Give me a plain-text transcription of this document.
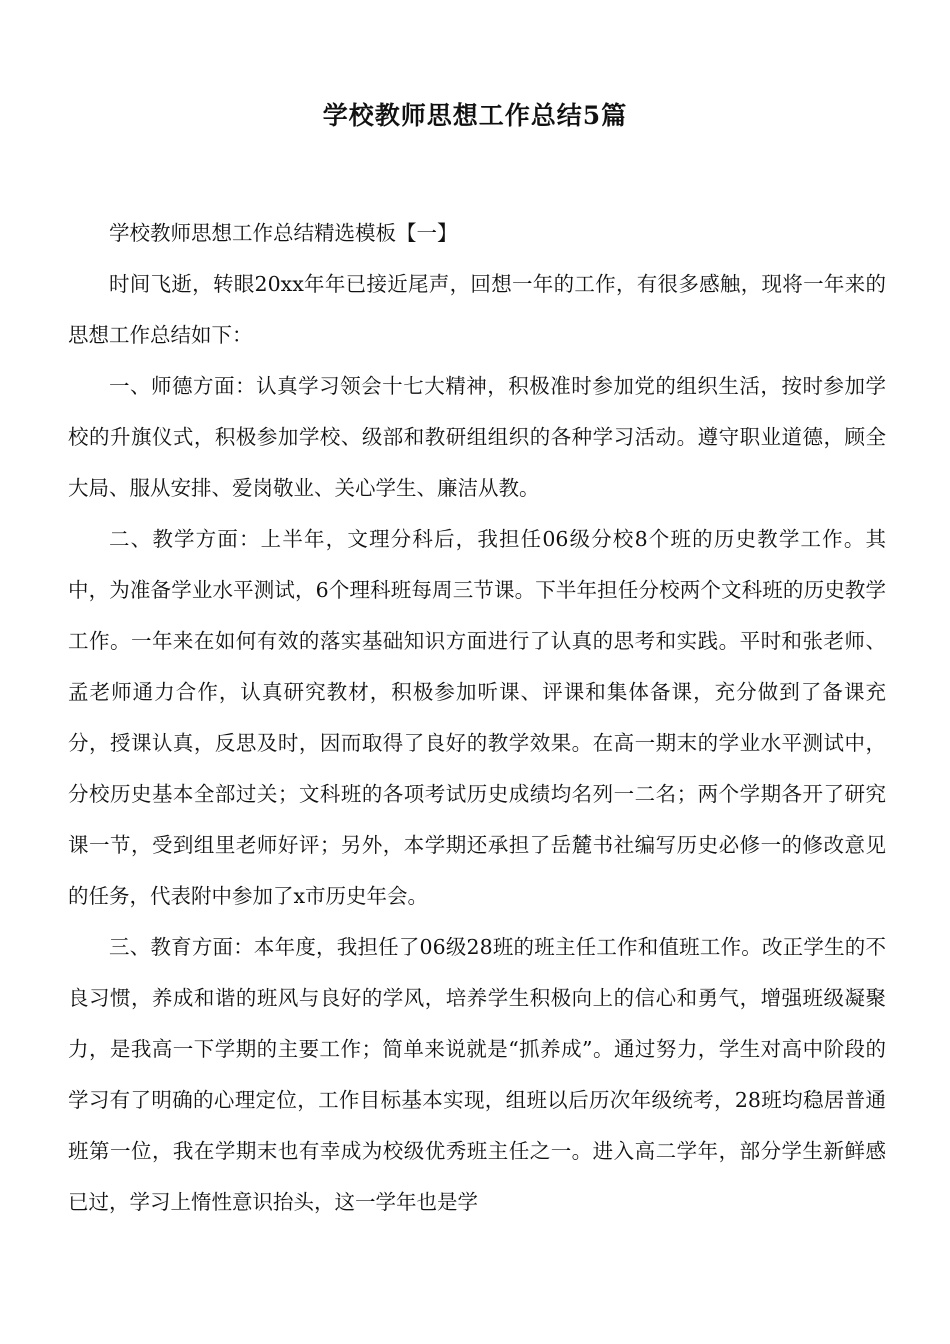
学校教师思想工作总结5篇

学校教师思想工作总结精选模板【一】

时间飞逝，转眼20xx年年已接近尾声，回想一年的工作，有很多感触，现将一年来的思想工作总结如下：

一、师德方面：认真学习领会十七大精神，积极准时参加党的组织生活，按时参加学校的升旗仪式，积极参加学校、级部和教研组组织的各种学习活动。遵守职业道德，顾全大局、服从安排、爱岗敬业、关心学生、廉洁从教。

二、教学方面：上半年，文理分科后，我担任06级分校8个班的历史教学工作。其中，为准备学业水平测试，6个理科班每周三节课。下半年担任分校两个文科班的历史教学工作。一年来在如何有效的落实基础知识方面进行了认真的思考和实践。平时和张老师、孟老师通力合作，认真研究教材，积极参加听课、评课和集体备课，充分做到了备课充分，授课认真，反思及时，因而取得了良好的教学效果。在高一期末的学业水平测试中，分校历史基本全部过关；文科班的各项考试历史成绩均名列一二名；两个学期各开了研究课一节，受到组里老师好评；另外，本学期还承担了岳麓书社编写历史必修一的修改意见的任务，代表附中参加了x市历史年会。

三、教育方面：本年度，我担任了06级28班的班主任工作和值班工作。改正学生的不良习惯，养成和谐的班风与良好的学风，培养学生积极向上的信心和勇气，增强班级凝聚力，是我高一下学期的主要工作；简单来说就是“抓养成”。通过努力，学生对高中阶段的学习有了明确的心理定位，工作目标基本实现，组班以后历次年级统考，28班均稳居普通班第一位，我在学期末也有幸成为校级优秀班主任之一。进入高二学年，部分学生新鲜感已过，学习上惰性意识抬头，这一学年也是学
